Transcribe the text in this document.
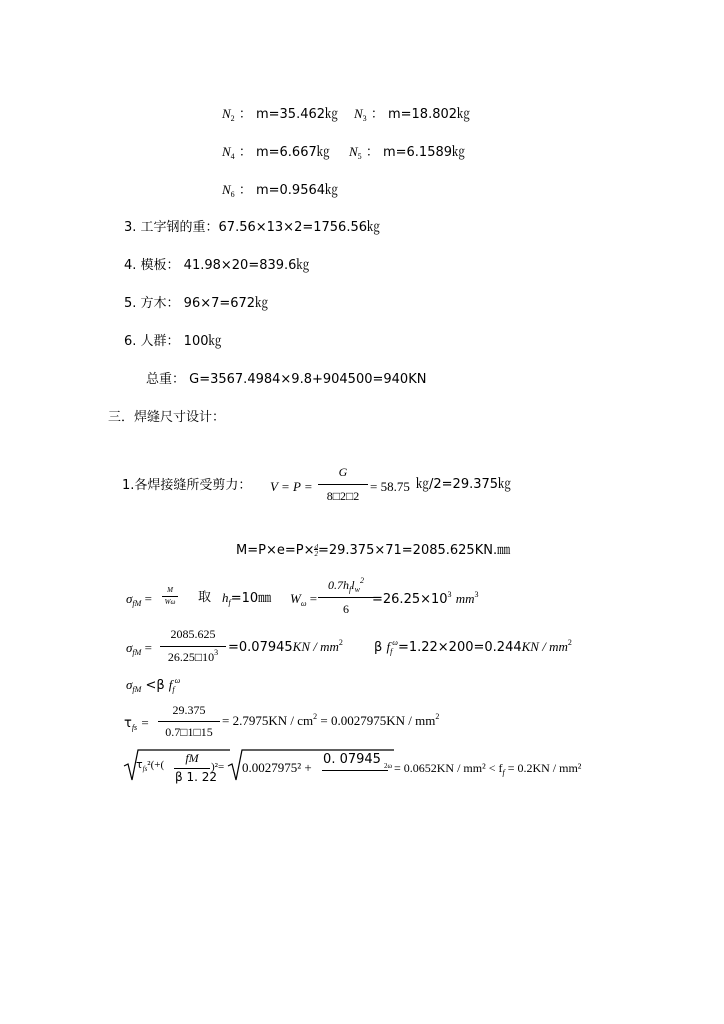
$N_2$ ： m=35.462㎏ $N_3$ ： m=18.802㎏
$N_4$ ： m=6.667㎏ $N_5$ ： m=6.1589㎏
$N_6$ ： m=0.9564㎏
3. 工字钢的重：67.56×13×2=1756.56㎏
4. 模板： 41.98×20=839.6㎏
5. 方木： 96×7=672㎏
6. 人群： 100㎏
总重： G=3567.4984×9.8+904500=940KN
三．焊缝尺寸设计：
1.各焊接缝所受剪力： V = P =
G
8□2□2
= 58.75 ㎏/2=29.375㎏
$M=P\times e=P\times\frac{d}{2}=29.375\times 71=2085.625KN.㎜$
$\sigma_{fM}$ =
M
Wω 取 $h_f=10㎜$ $W_\omega$ =
$0.7h_fl_w^2$
6
$=26.25\times 10^3$ $mm^3$
$\sigma_{fM}$ =
2085.625
$26.25□10^3 =0.07945KN / mm^2$ β $f_f^\omega=1.22\times 200=0.244KN / mm^2$
$\sigma_{fM} <\beta$ $f_f^\omega$
$\tau_{fs}$ =
29.375
0.7□1□15
= $2.7975KN / cm^2 = 0.0027975KN / mm^2$
$\tau_{fs}^2(+$(	fM
β 1. 22
)²= 0.0027975² +
0. 07945 $2\omega = 0.0652KN / mm^2 < f_f = 0.2KN / mm^2$
